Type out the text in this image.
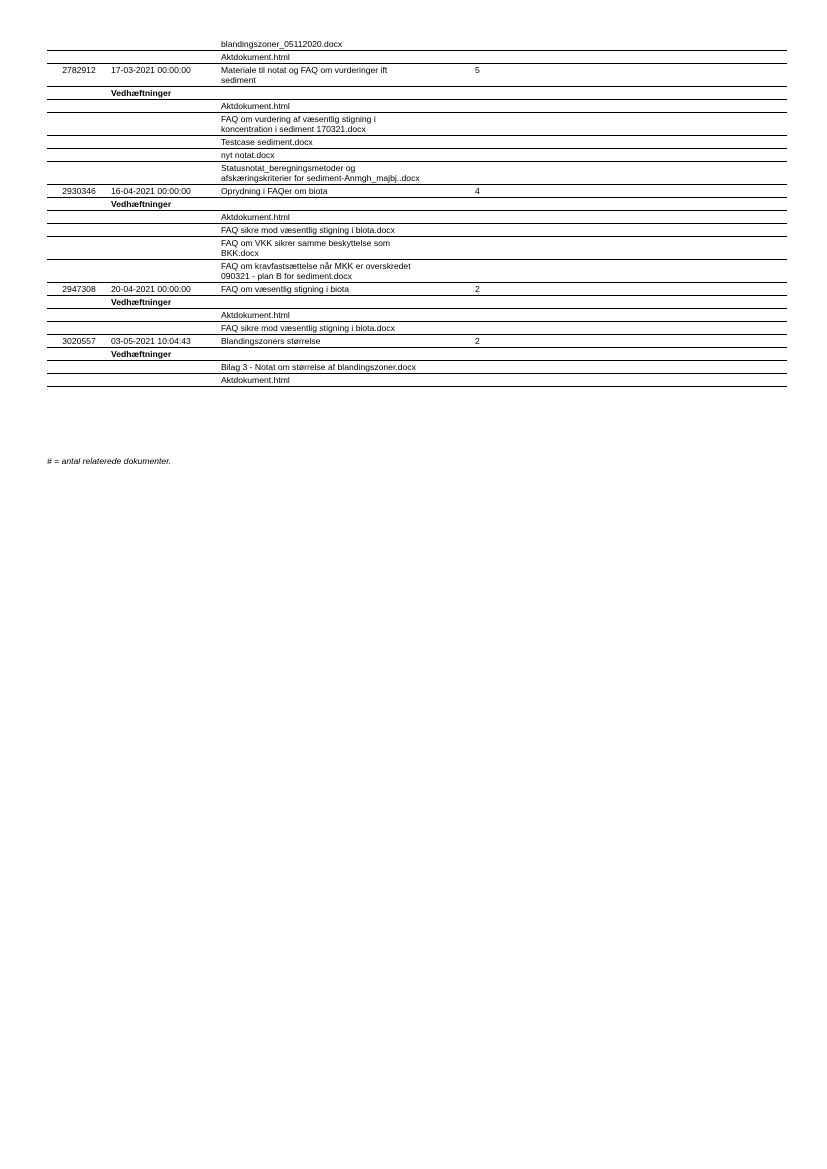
		blandingszoner_05112020.docx	

		Aktdokument.html	

2782912	17-03-2021 00:00:00	Materiale til notat og FAQ om vurderinger ift sediment	5
	Vedhæftninger		

		Aktdokument.html	

		FAQ om vurdering af væsentlig stigning i koncentration i sediment 170321.docx	

		Testcase sediment.docx	

		nyt notat.docx	

		Statusnotat_beregningsmetoder og afskæringskriterier for sediment-Anmgh_majbj..docx	

2930346	16-04-2021 00:00:00	Oprydning i FAQer om biota	4
	Vedhæftninger		

		Aktdokument.html	

		FAQ sikre mod væsentlig stigning i biota.docx	

		FAQ om VKK sikrer samme beskyttelse som BKK.docx	

		FAQ om kravfastsættelse når MKK er overskredet 090321 - plan B for sediment.docx	

2947308	20-04-2021 00:00:00	FAQ om væsentlig stigning i biota	2
	Vedhæftninger		

		Aktdokument.html	

		FAQ sikre mod væsentlig stigning i biota.docx	

3020557	03-05-2021 10:04:43	Blandingszoners størrelse	2
	Vedhæftninger		

		Bilag 3 - Notat om størrelse af blandingszoner.docx	

		Aktdokument.html	

# = antal relaterede dokumenter.
